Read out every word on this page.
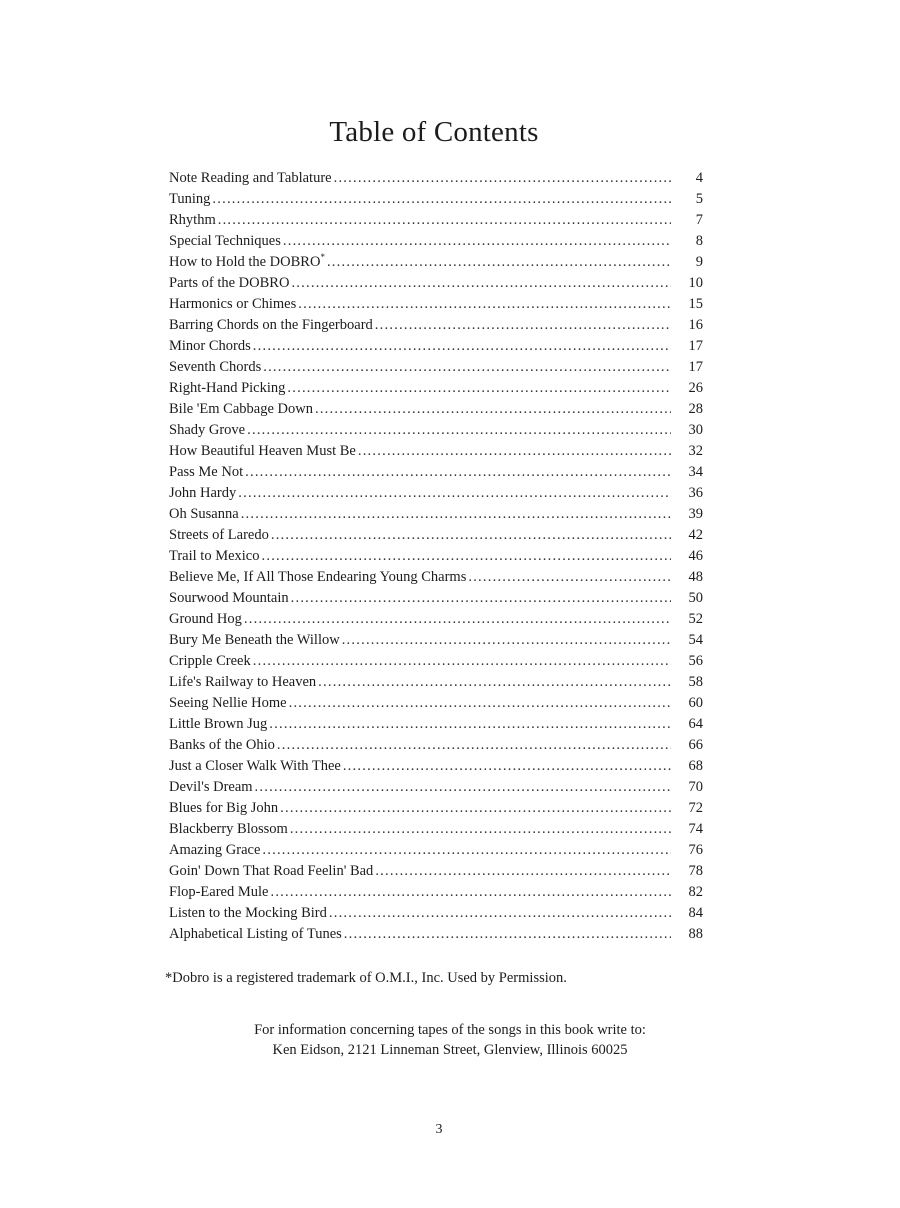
Table of Contents
Note Reading and Tablature . . .	4
Tuning . . .	5
Rhythm . . .	7
Special Techniques . . .	8
How to Hold the DOBRO* . . .	9
Parts of the DOBRO . . .	10
Harmonics or Chimes . . .	15
Barring Chords on the Fingerboard . . .	16
Minor Chords . . .	17
Seventh Chords . . .	17
Right-Hand Picking . . .	26
Bile 'Em Cabbage Down . . .	28
Shady Grove . . .	30
How Beautiful Heaven Must Be . . .	32
Pass Me Not . . .	34
John Hardy . . .	36
Oh Susanna . . .	39
Streets of Laredo . . .	42
Trail to Mexico . . .	46
Believe Me, If All Those Endearing Young Charms . . .	48
Sourwood Mountain . . .	50
Ground Hog . . .	52
Bury Me Beneath the Willow . . .	54
Cripple Creek . . .	56
Life's Railway to Heaven . . .	58
Seeing Nellie Home . . .	60
Little Brown Jug . . .	64
Banks of the Ohio . . .	66
Just a Closer Walk With Thee . . .	68
Devil's Dream . . .	70
Blues for Big John . . .	72
Blackberry Blossom . . .	74
Amazing Grace . . .	76
Goin' Down That Road Feelin' Bad . . .	78
Flop-Eared Mule . . .	82
Listen to the Mocking Bird . . .	84
Alphabetical Listing of Tunes . . .	88

*Dobro is a registered trademark of O.M.I., Inc. Used by Permission.

For information concerning tapes of the songs in this book write to:

Ken Eidson, 2121 Linneman Street, Glenview, Illinois 60025

3
